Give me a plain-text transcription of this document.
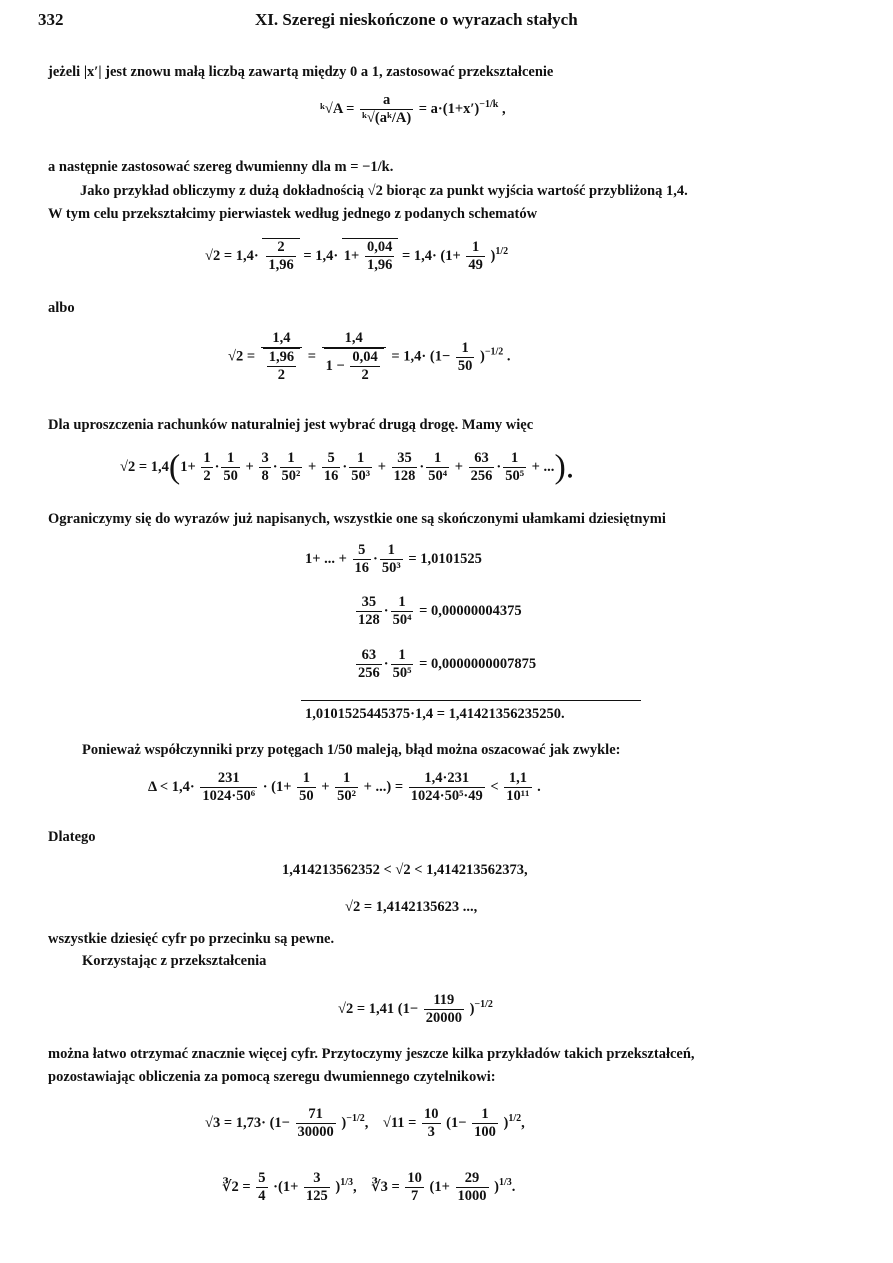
332	XI. Szeregi nieskończone o wyrazach stałych
jeżeli |x′| jest znowu małą liczbą zawartą między 0 a 1, zastosować przekształcenie
ᵏ√A = $\frac{a}{\text{ᵏ√(aᵏ/A)}} = a\cdot(1+x')^{-1/k}$ ,
a następnie zastosować szereg dwumienny dla m = −1/k.
Jako przykład obliczymy z dużą dokładnością √2 biorąc za punkt wyjścia wartość przybliżoną 1,4.
W tym celu przekształcimy pierwiastek według jednego z podanych schematów
$√2 = 1,4\cdot \frac{2}{1,96} = 1,4\cdot 1+ \frac{0,04}{1,96} = 1,4\cdot (1+ \frac{1}{49} )^{1/2}$
albo
$√2 = \frac{1,4}{\frac{1,96}{2}} = \frac{1,4}{1 - \frac{0,04}{2}} = 1,4\cdot (1- \frac{1}{50} )^{-1/2}$ .
Dla uproszczenia rachunków naturalniej jest wybrać drugą drogę. Mamy więc
$√2 = 1,4(1+ \frac{1}{2} \cdot \frac{1}{50} + \frac{3}{8} \cdot \frac{1}{\text{50²}} + \frac{5}{16} \cdot \frac{1}{\text{50³}} + \frac{35}{128} \cdot \frac{1}{\text{50⁴}} + \frac{63}{256} \cdot \frac{1}{\text{50⁵}}$ + ...).
Ograniczymy się do wyrazów już napisanych, wszystkie one są skończonymi ułamkami dziesiętnymi
1+ ... + $\frac{5}{16} \cdot \frac{1}{\text{50³}} = 1,0101525$
$\frac{35}{128} \cdot \frac{1}{\text{50⁴}} = 0,00000004375$
$\frac{63}{256} \cdot \frac{1}{\text{50⁵}} = 0,0000000007875$
1,0101525445375·1,4 = 1,41421356235250.
Ponieważ współczynniki przy potęgach 1/50 maleją, błąd można oszacować jak zwykle:
$\Delta < 1,4\cdot \frac{231}{\text{1024·50⁶}} \cdot (1+ \frac{1}{50} + \frac{1}{\text{50²}}$ + ...) = $\frac{1,4\cdot 231}{\text{1024·50⁵·49}} < \frac{1,1}{\text{10¹¹}}$ .
Dlatego
1,414213562352 < √2 < 1,414213562373,
√2 = 1,4142135623 ...,
wszystkie dziesięć cyfr po przecinku są pewne.
Korzystając z przekształcenia
√2 = 1,41 $(1- \frac{119}{20000} )^{-1/2}$
można łatwo otrzymać znacznie więcej cyfr. Przytoczymy jeszcze kilka przykładów takich przekształceń,
pozostawiając obliczenia za pomocą szeregu dwumiennego czytelnikowi:
$√3 = 1,73\cdot (1- \frac{71}{30000} )^{-1/2}$, $√11 = \frac{10}{3} (1- \frac{1}{100} )^{1/2}$,
∛2 = $\frac{5}{4} \cdot(1+ \frac{3}{125} )^{1/3}$, ∛3 = $\frac{10}{7} (1+ \frac{29}{1000} )^{1/3}$.
